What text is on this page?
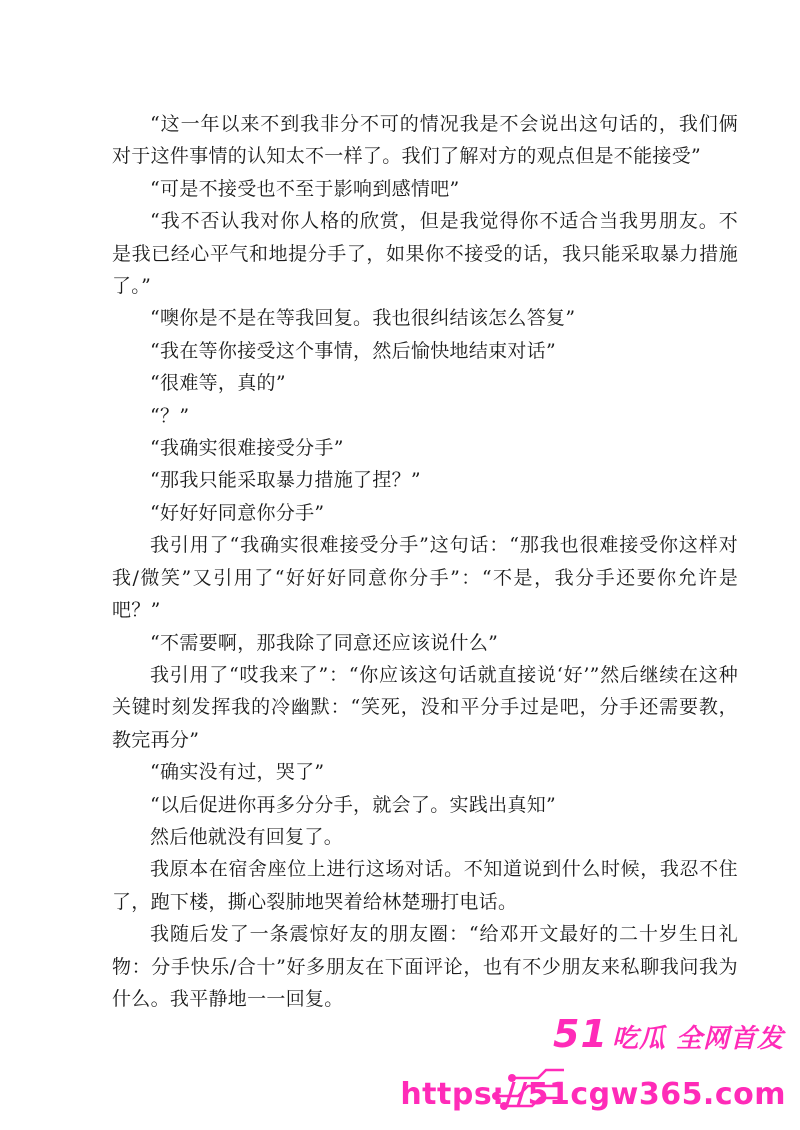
“这一年以来不到我非分不可的情况我是不会说出这句话的，我们俩对于这件事情的认知太不一样了。我们了解对方的观点但是不能接受”

“可是不接受也不至于影响到感情吧”

“我不否认我对你人格的欣赏，但是我觉得你不适合当我男朋友。不是我已经心平气和地提分手了，如果你不接受的话，我只能采取暴力措施了。”

“噢你是不是在等我回复。我也很纠结该怎么答复”

“我在等你接受这个事情，然后愉快地结束对话”

“很难等，真的”

“？”

“我确实很难接受分手”

“那我只能采取暴力措施了捏？”

“好好好同意你分手”

我引用了“我确实很难接受分手”这句话：“那我也很难接受你这样对我/微笑”又引用了“好好好同意你分手”：“不是，我分手还要你允许是吧？”

“不需要啊，那我除了同意还应该说什么”

我引用了“哎我来了”：“你应该这句话就直接说‘好’”然后继续在这种关键时刻发挥我的冷幽默：“笑死，没和平分手过是吧，分手还需要教，教完再分”

“确实没有过，哭了”

“以后促进你再多分分手，就会了。实践出真知”

然后他就没有回复了。

我原本在宿舍座位上进行这场对话。不知道说到什么时候，我忍不住了，跑下楼，撕心裂肺地哭着给林楚珊打电话。

我随后发了一条震惊好友的朋友圈：“给邓开文最好的二十岁生日礼物：分手快乐/合十”好多朋友在下面评论，也有不少朋友来私聊我问我为什么。我平静地一一回复。

51 吃瓜 全网首发
https://51cgw365.com
